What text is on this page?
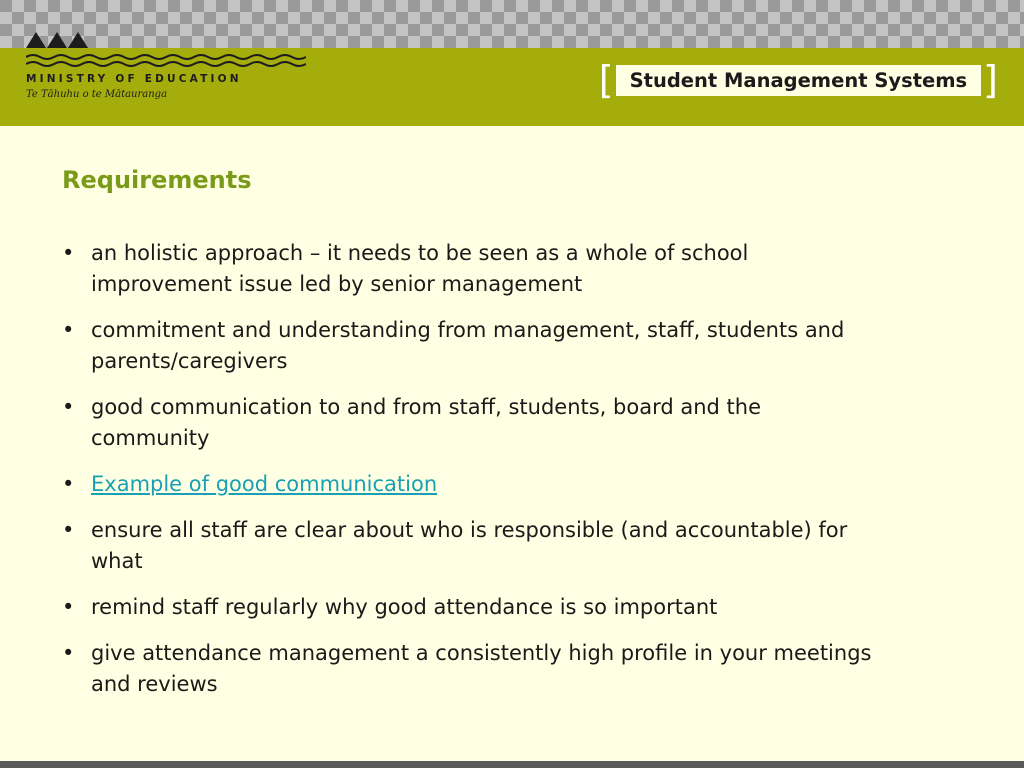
MINISTRY OF EDUCATION
Te Tāhuhu o te Mātauranga	[ Student Management Systems ]
Requirements
• an holistic approach – it needs to be seen as a whole of school improvement issue led by senior management
• commitment and understanding from management, staff, students and parents/caregivers
• good communication to and from staff, students, board and the community
• Example of good communication
• ensure all staff are clear about who is responsible (and accountable) for what
• remind staff regularly why good attendance is so important
• give attendance management a consistently high profile in your meetings and reviews
